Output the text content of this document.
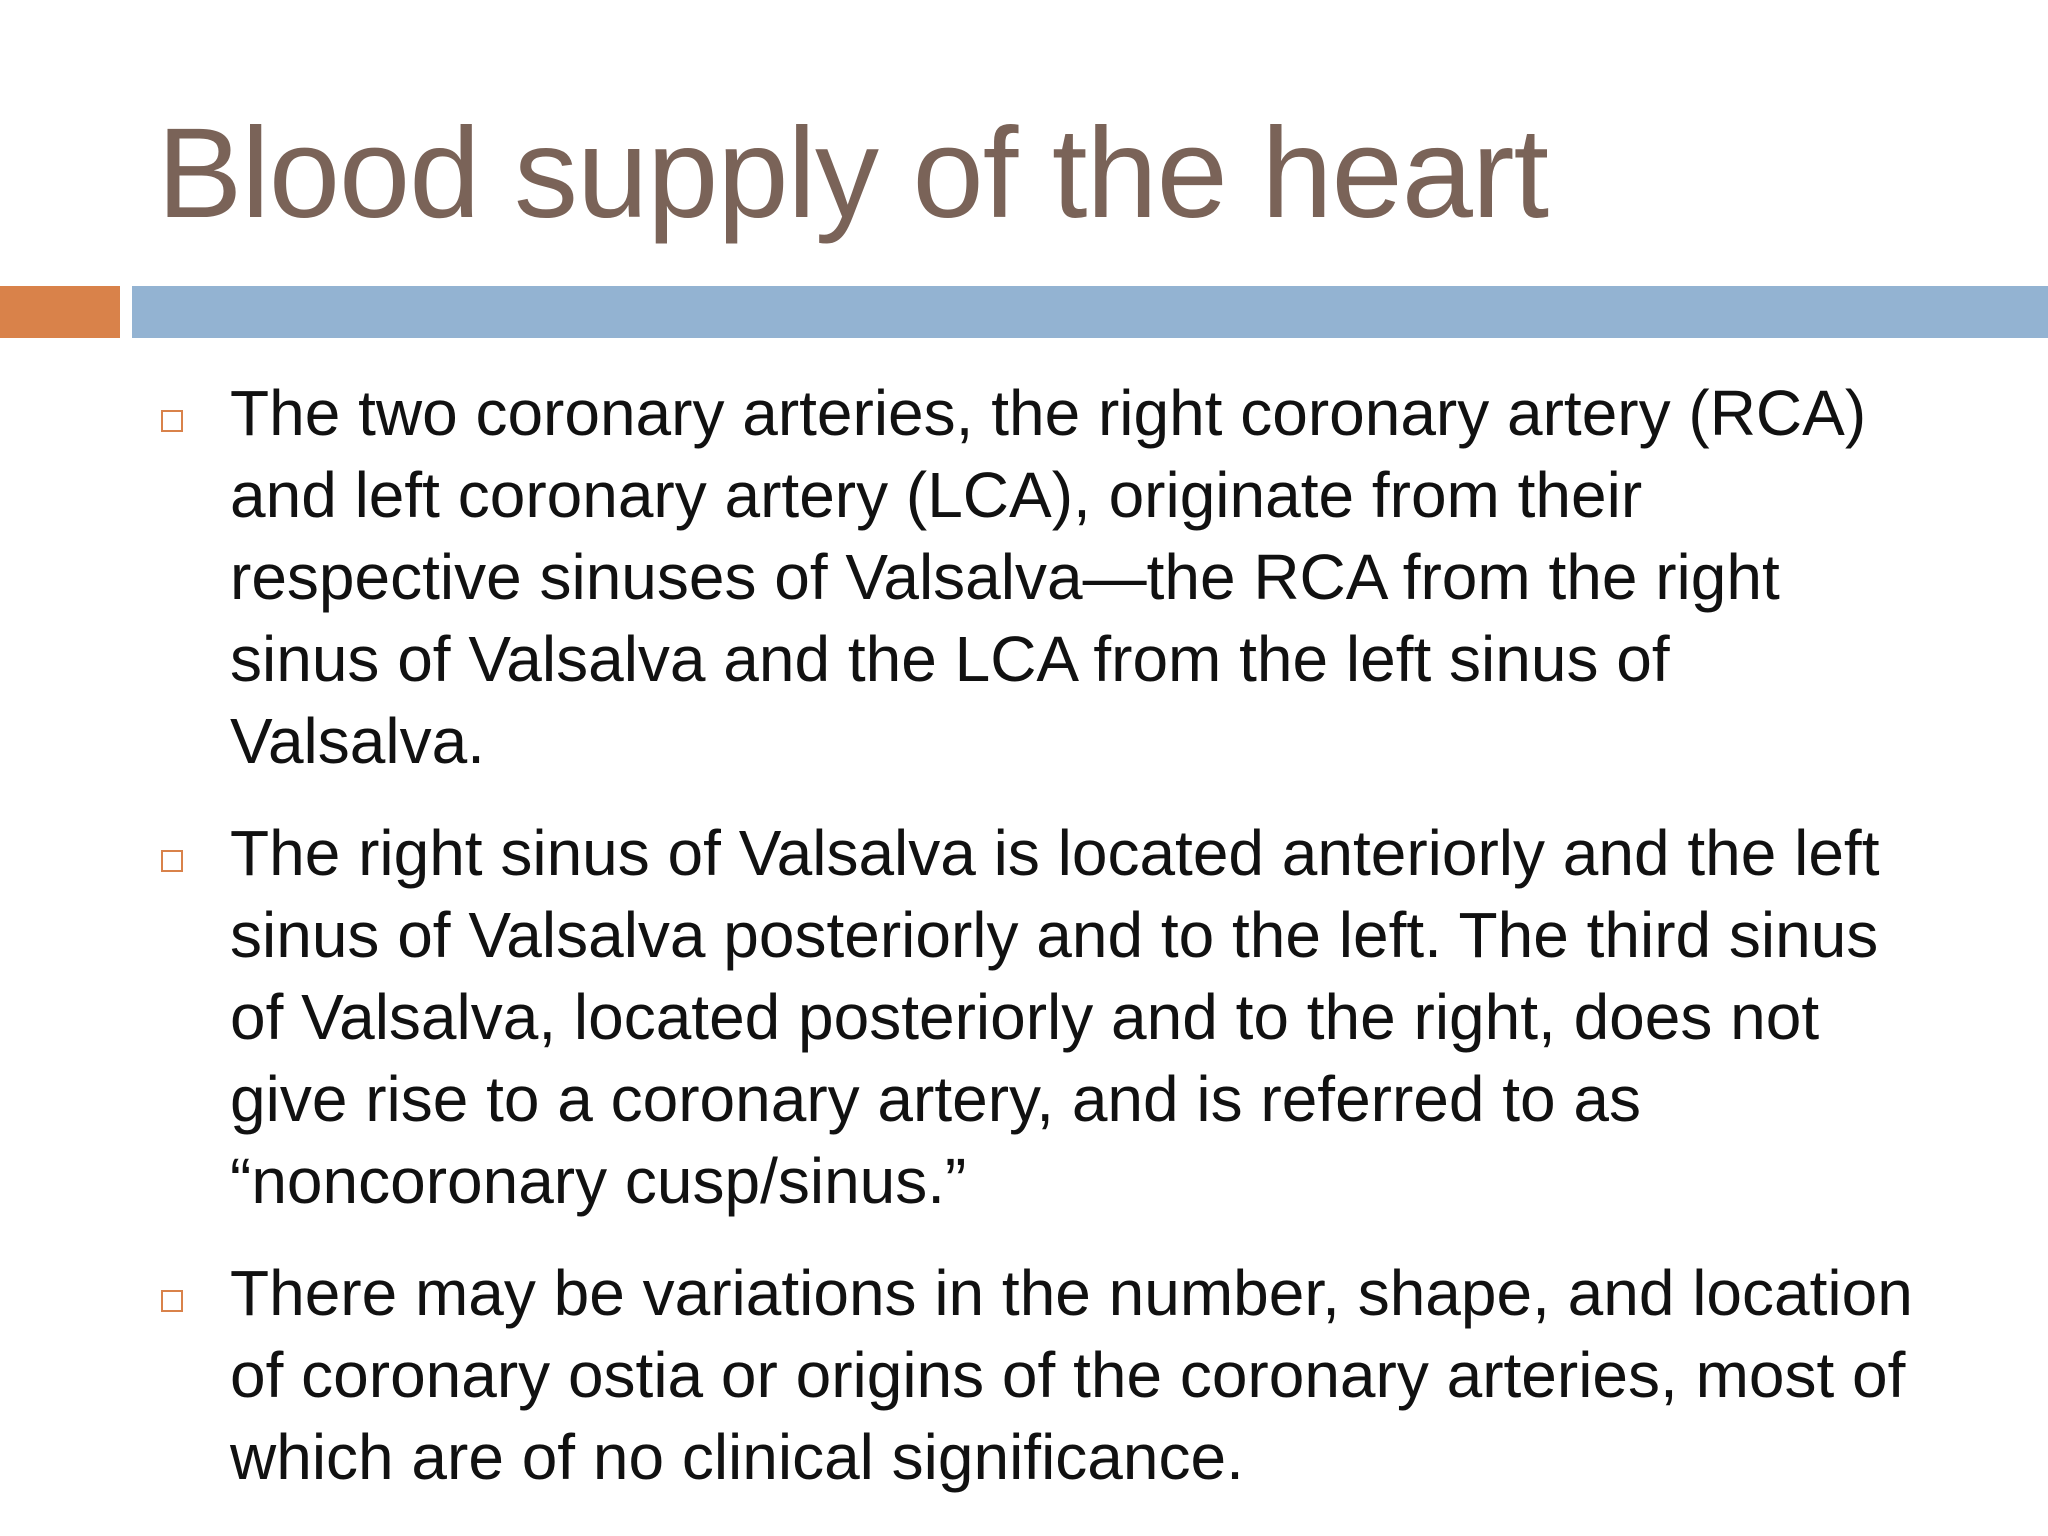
Blood supply of the heart
The two coronary arteries, the right coronary artery (RCA) and left coronary artery (LCA), originate from their respective sinuses of Valsalva—the RCA from the right sinus of Valsalva and the LCA from the left sinus of Valsalva.
The right sinus of Valsalva is located anteriorly and the left sinus of Valsalva posteriorly and to the left. The third sinus of Valsalva, located posteriorly and to the right, does not give rise to a coronary artery, and is referred to as “noncoronary cusp/sinus.”
There may be variations in the number, shape, and location of coronary ostia or origins of the coronary arteries, most of which are of no clinical significance.
